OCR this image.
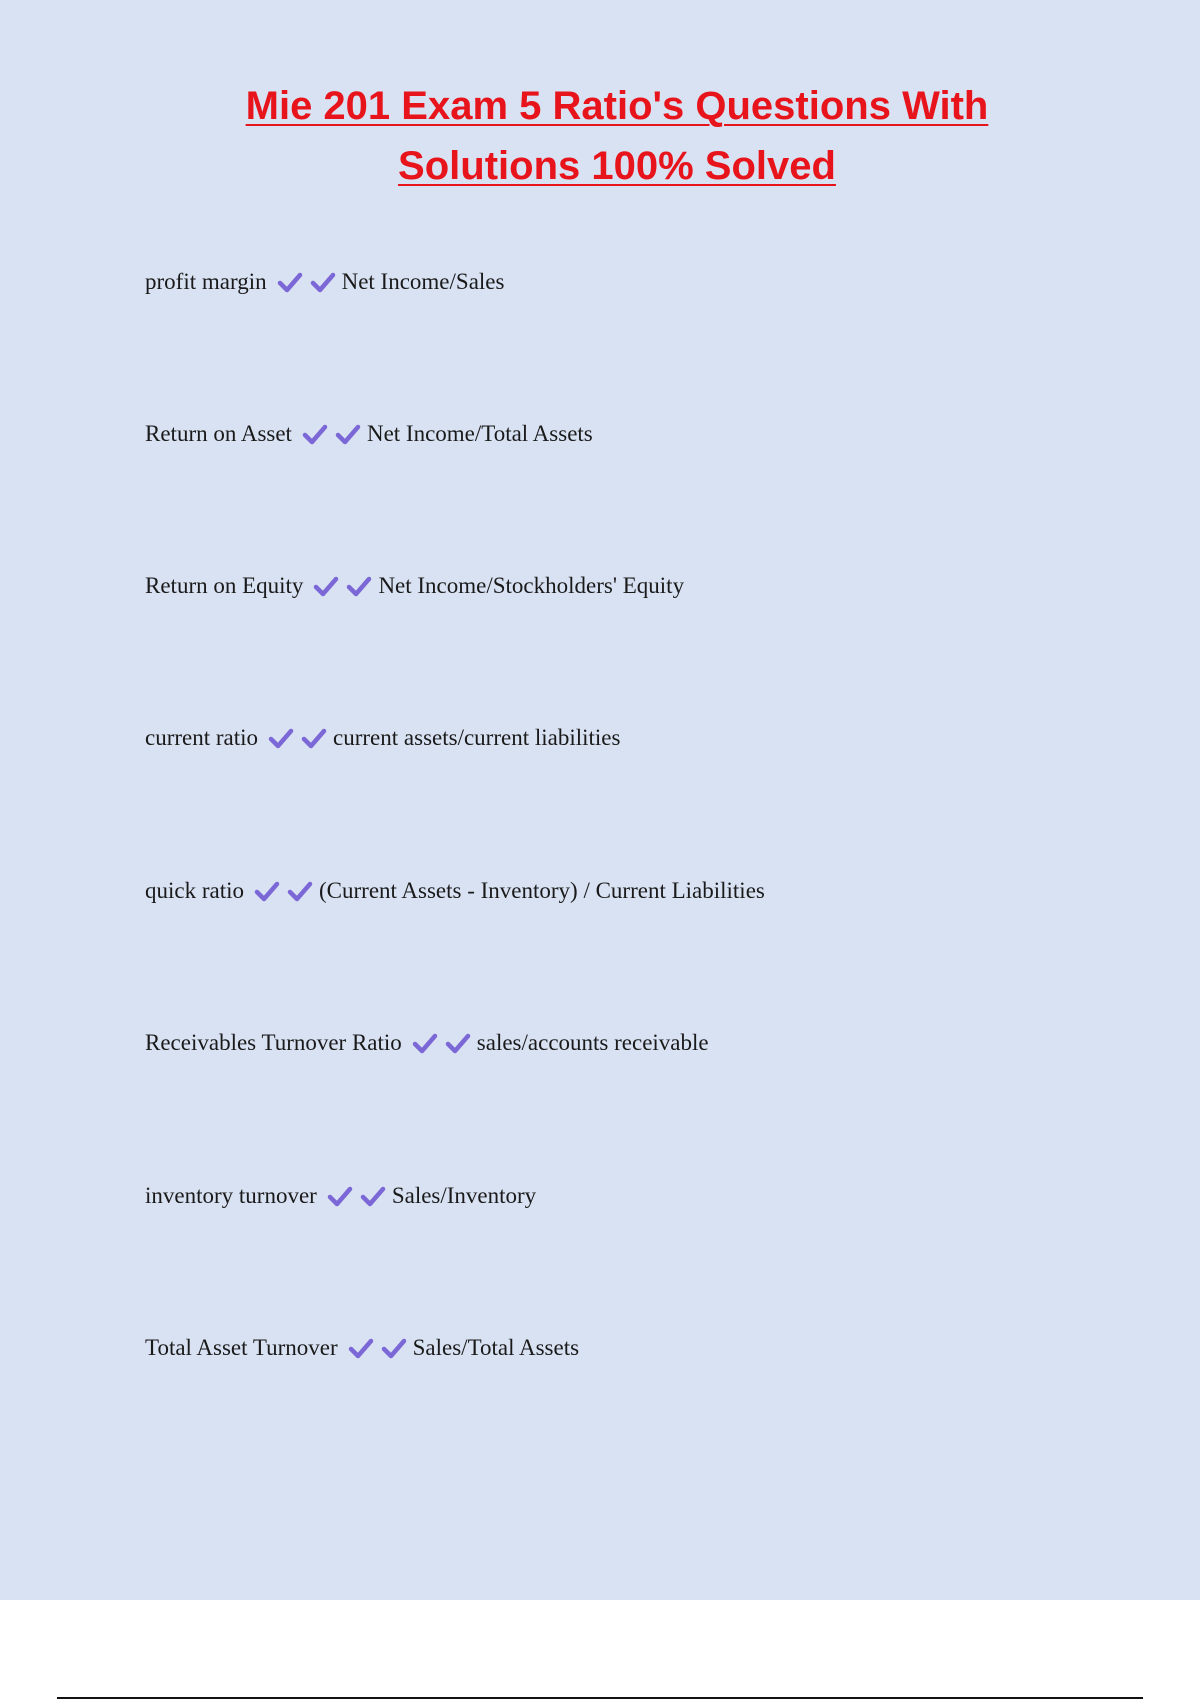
Mie 201 Exam 5 Ratio's Questions With
Solutions 100% Solved
profit margin	Net Income/Sales
Return on Asset	Net Income/Total Assets
Return on Equity	Net Income/Stockholders' Equity
current ratio	current assets/current liabilities
quick ratio	(Current Assets - Inventory) / Current Liabilities
Receivables Turnover Ratio	sales/accounts receivable
inventory turnover	Sales/Inventory
Total Asset Turnover	Sales/Total Assets
